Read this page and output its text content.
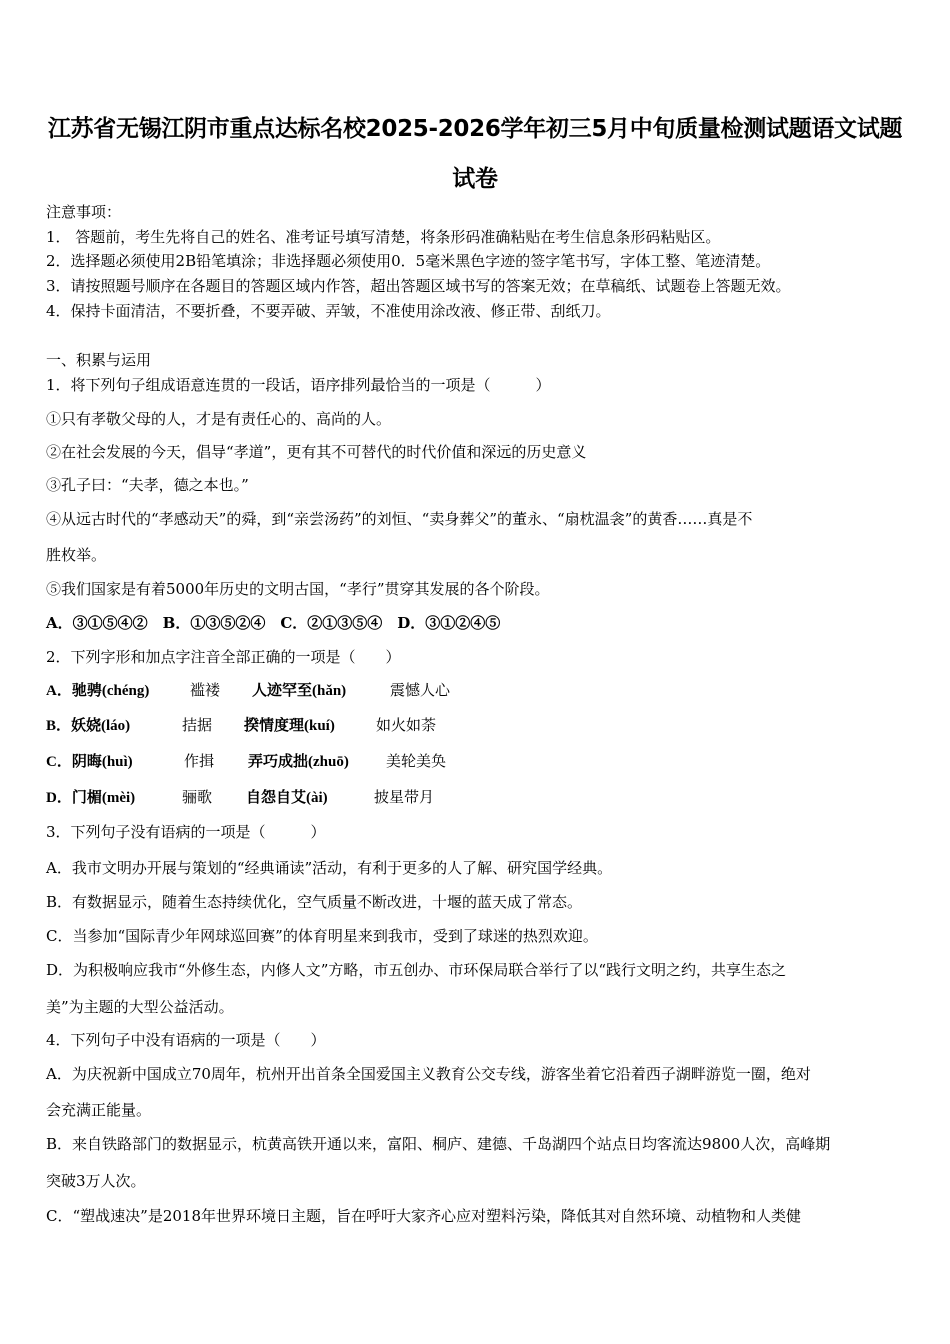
江苏省无锡江阴市重点达标名校2025-2026学年初三5月中旬质量检测试题语文试题
试卷
注意事项：
1． 答题前，考生先将自己的姓名、准考证号填写清楚，将条形码准确粘贴在考生信息条形码粘贴区。
2．选择题必须使用2B铅笔填涂；非选择题必须使用0．5毫米黑色字迹的签字笔书写，字体工整、笔迹清楚。
3．请按照题号顺序在各题目的答题区域内作答，超出答题区域书写的答案无效；在草稿纸、试题卷上答题无效。
4．保持卡面清洁，不要折叠，不要弄破、弄皱，不准使用涂改液、修正带、刮纸刀。
一、积累与运用
1．将下列句子组成语意连贯的一段话，语序排列最恰当的一项是（　　　）
①只有孝敬父母的人，才是有责任心的、高尚的人。
②在社会发展的今天，倡导“孝道”，更有其不可替代的时代价值和深远的历史意义
③孔子曰：“夫孝，德之本也。”
④从远古时代的“孝感动天”的舜，到“亲尝汤药”的刘恒、“卖身葬父”的董永、“扇枕温衾”的黄香……真是不
胜枚举。
⑤我们国家是有着5000年历史的文明古国，“孝行”贯穿其发展的各个阶段。
A．③①⑤④②　B．①③⑤②④　C．②①③⑤④　D．③①②④⑤
2．下列字形和加点字注音全部正确的一项是（　　）
A．驰骋(chéng)	褴褛 人迹罕至(hǎn)	震憾人心
B．妖娆(láo)	拮据 揆情度理(kuí)	如火如荼
C．阴晦(huì)	作揖 弄巧成拙(zhuō) 美轮美奂
D．门楣(mèi)	骊歌 自怨自艾(ài)	披星带月
3．下列句子没有语病的一项是（　　　）
A．我市文明办开展与策划的“经典诵读”活动，有利于更多的人了解、研究国学经典。
B．有数据显示，随着生态持续优化，空气质量不断改进，十堰的蓝天成了常态。
C．当参加“国际青少年网球巡回赛”的体育明星来到我市，受到了球迷的热烈欢迎。
D．为积极响应我市“外修生态，内修人文”方略，市五创办、市环保局联合举行了以“践行文明之约，共享生态之
美”为主题的大型公益活动。
4．下列句子中没有语病的一项是（　　）
A．为庆祝新中国成立70周年，杭州开出首条全国爱国主义教育公交专线，游客坐着它沿着西子湖畔游览一圈，绝对
会充满正能量。
B．来自铁路部门的数据显示，杭黄高铁开通以来，富阳、桐庐、建德、千岛湖四个站点日均客流达9800人次，高峰期
突破3万人次。
C．“塑战速决”是2018年世界环境日主题，旨在呼吁大家齐心应对塑料污染，降低其对自然环境、动植物和人类健
